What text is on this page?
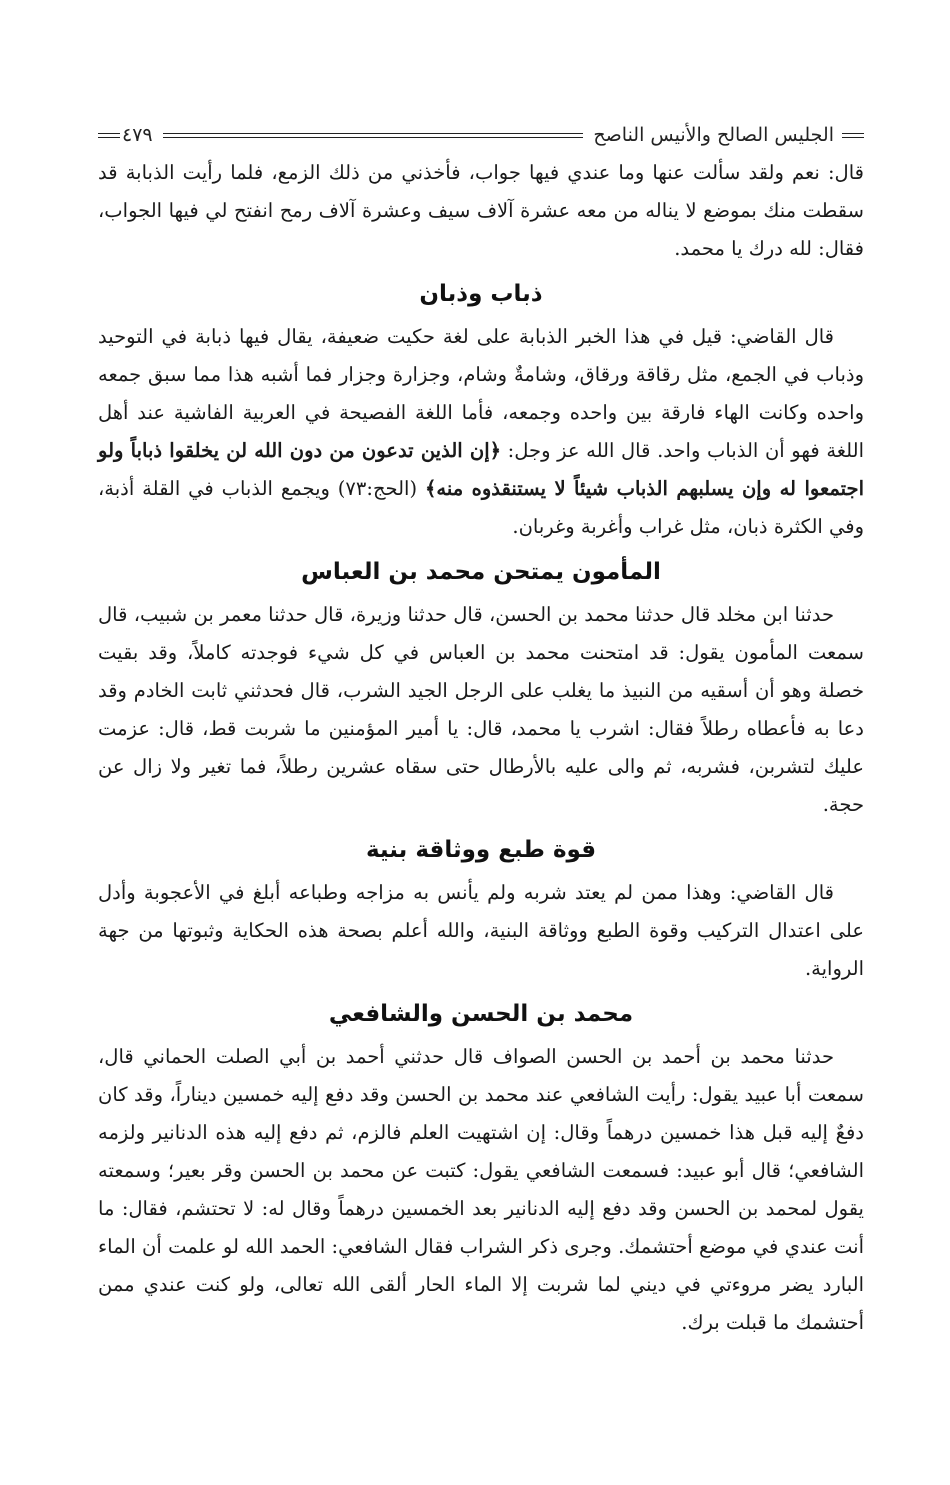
الجليس الصالح والأنيس الناصح
٤٧٩

قال: نعم ولقد سألت عنها وما عندي فيها جواب، فأخذني من ذلك الزمع، فلما رأيت الذبابة قد سقطت منك بموضع لا يناله من معه عشرة آلاف سيف وعشرة آلاف رمح انفتح لي فيها الجواب، فقال: لله درك يا محمد.

ذباب وذبان

قال القاضي: قيل في هذا الخبر الذبابة على لغة حكيت ضعيفة، يقال فيها ذبابة في التوحيد وذباب في الجمع، مثل رقاقة ورقاق، وشامةٌ وشام، وجزارة وجزار فما أشبه هذا مما سبق جمعه واحده وكانت الهاء فارقة بين واحده وجمعه، فأما اللغة الفصيحة في العربية الفاشية عند أهل اللغة فهو أن الذباب واحد. قال الله عز وجل: ﴿إن الذين تدعون من دون الله لن يخلقوا ذباباً ولو اجتمعوا له وإن يسلبهم الذباب شيئاً لا يستنقذوه منه﴾ (الحج:٧٣) ويجمع الذباب في القلة أذبة، وفي الكثرة ذبان، مثل غراب وأغربة وغربان.

المأمون يمتحن محمد بن العباس

حدثنا ابن مخلد قال حدثنا محمد بن الحسن، قال حدثنا وزيرة، قال حدثنا معمر بن شبيب، قال سمعت المأمون يقول: قد امتحنت محمد بن العباس في كل شيء فوجدته كاملاً، وقد بقيت خصلة وهو أن أسقيه من النبيذ ما يغلب على الرجل الجيد الشرب، قال فحدثني ثابت الخادم وقد دعا به فأعطاه رطلاً فقال: اشرب يا محمد، قال: يا أمير المؤمنين ما شربت قط، قال: عزمت عليك لتشربن، فشربه، ثم والى عليه بالأرطال حتى سقاه عشرين رطلاً، فما تغير ولا زال عن حجة.

قوة طبع ووثاقة بنية

قال القاضي: وهذا ممن لم يعتد شربه ولم يأنس به مزاجه وطباعه أبلغ في الأعجوبة وأدل على اعتدال التركيب وقوة الطبع ووثاقة البنية، والله أعلم بصحة هذه الحكاية وثبوتها من جهة الرواية.

محمد بن الحسن والشافعي

حدثنا محمد بن أحمد بن الحسن الصواف قال حدثني أحمد بن أبي الصلت الحماني قال، سمعت أبا عبيد يقول: رأيت الشافعي عند محمد بن الحسن وقد دفع إليه خمسين ديناراً، وقد كان دفعٌ إليه قبل هذا خمسين درهماً وقال: إن اشتهيت العلم فالزم، ثم دفع إليه هذه الدنانير ولزمه الشافعي؛ قال أبو عبيد: فسمعت الشافعي يقول: كتبت عن محمد بن الحسن وقر بعير؛ وسمعته يقول لمحمد بن الحسن وقد دفع إليه الدنانير بعد الخمسين درهماً وقال له: لا تحتشم، فقال: ما أنت عندي في موضع أحتشمك. وجرى ذكر الشراب فقال الشافعي: الحمد الله لو علمت أن الماء البارد يضر مروءتي في ديني لما شربت إلا الماء الحار ألقى الله تعالى، ولو كنت عندي ممن أحتشمك ما قبلت برك.
